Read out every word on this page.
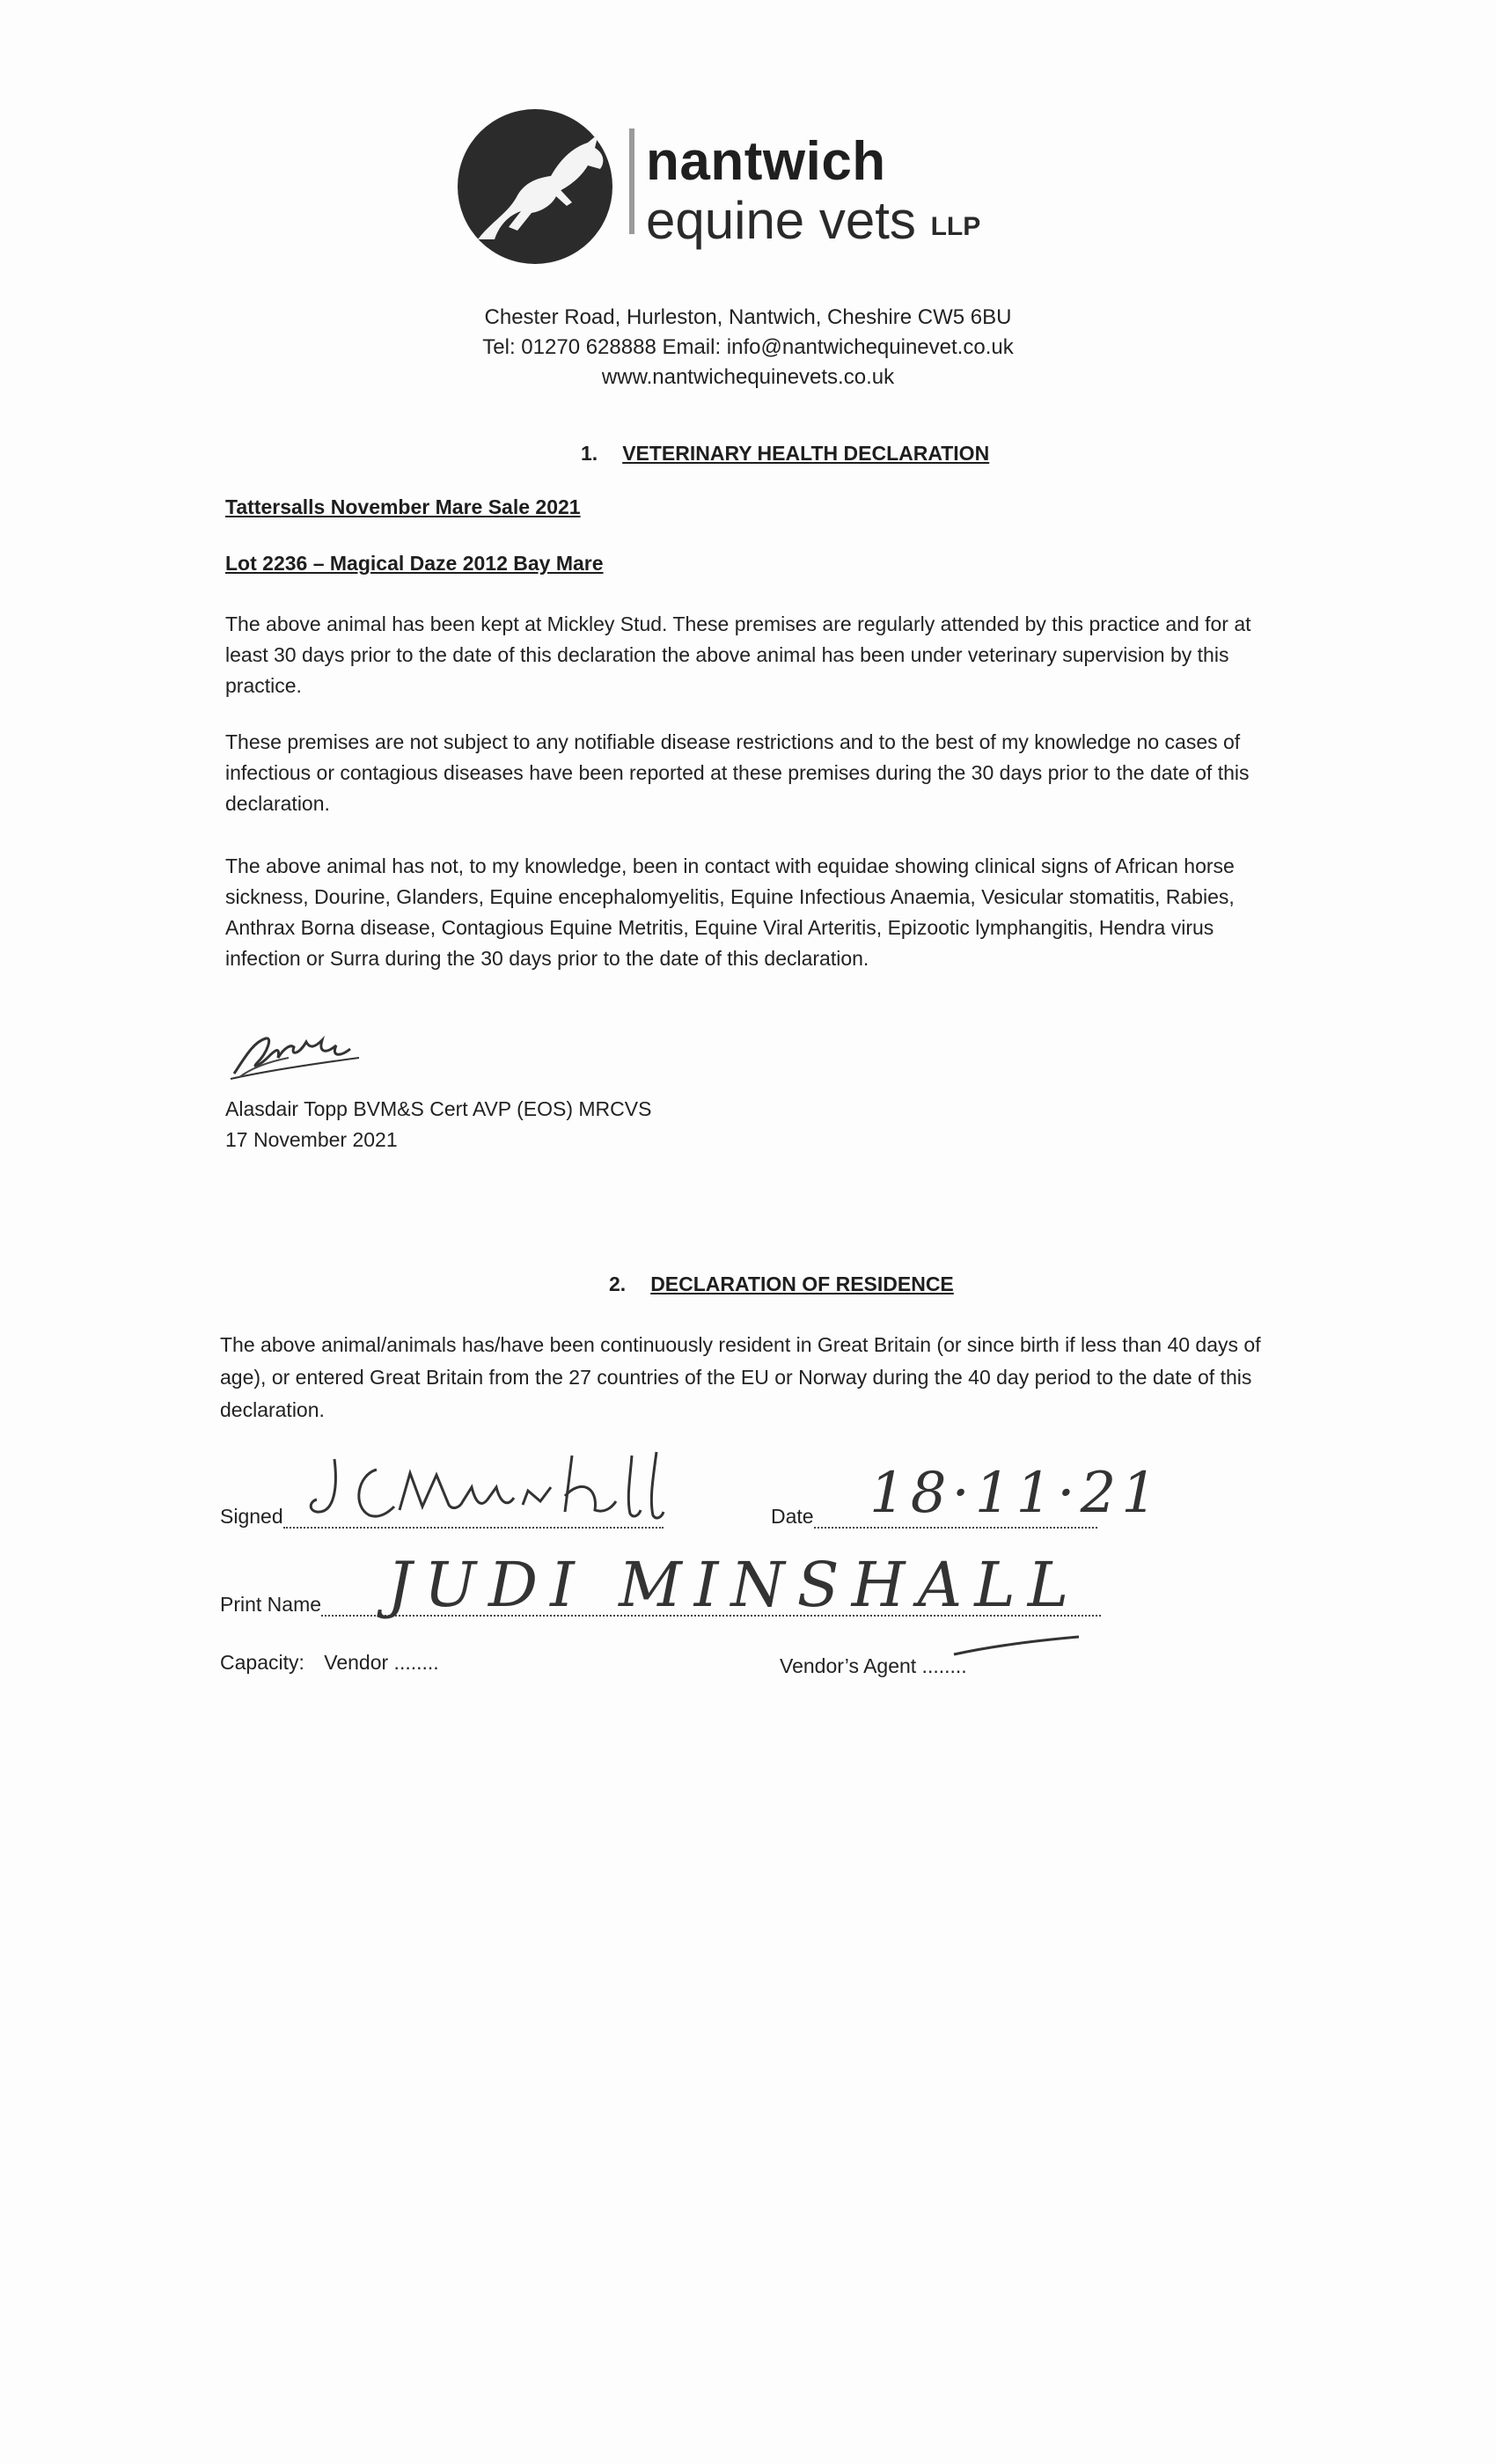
nantwich
equine vets LLP
Chester Road, Hurleston, Nantwich, Cheshire CW5 6BU
Tel: 01270 628888 Email: info@nantwichequinevet.co.uk
www.nantwichequinevets.co.uk
1. VETERINARY HEALTH DECLARATION
Tattersalls November Mare Sale 2021
Lot 2236 – Magical Daze 2012 Bay Mare
The above animal has been kept at Mickley Stud. These premises are regularly attended by this practice and for at least 30 days prior to the date of this declaration the above animal has been under veterinary supervision by this practice.
These premises are not subject to any notifiable disease restrictions and to the best of my knowledge no cases of infectious or contagious diseases have been reported at these premises during the 30 days prior to the date of this declaration.
The above animal has not, to my knowledge, been in contact with equidae showing clinical signs of African horse sickness, Dourine, Glanders, Equine encephalomyelitis, Equine Infectious Anaemia, Vesicular stomatitis, Rabies, Anthrax Borna disease, Contagious Equine Metritis, Equine Viral Arteritis, Epizootic lymphangitis, Hendra virus infection or Surra during the 30 days prior to the date of this declaration.
Alasdair Topp BVM&S Cert AVP (EOS) MRCVS
17 November 2021
2. DECLARATION OF RESIDENCE
The above animal/animals has/have been continuously resident in Great Britain (or since birth if less than 40 days of age), or entered Great Britain from the 27 countries of the EU or Norway during the 40 day period to the date of this declaration.
Signed	Date 18·11·21
Print Name	JUDI MINSHALL
Capacity: Vendor ........	Vendor’s Agent ........
